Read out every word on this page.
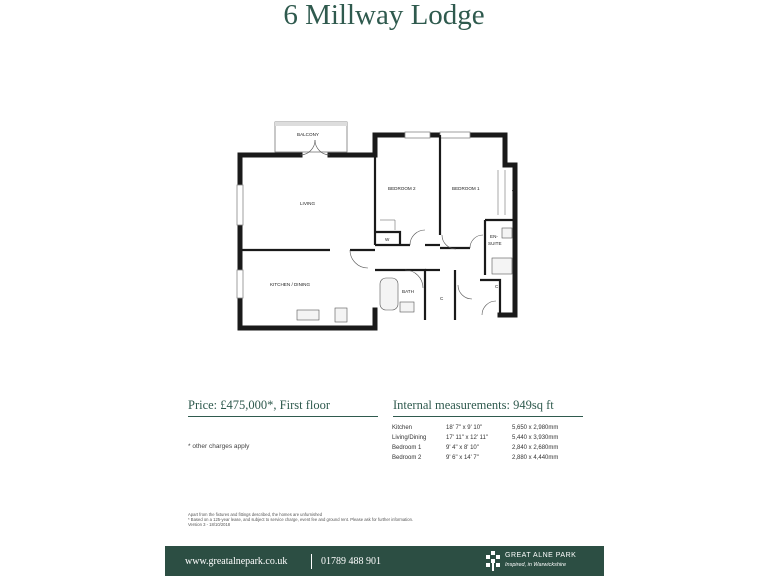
6 Millway Lodge
BALCONY
LIVING
BEDROOM 2	BEDROOM 1
KITCHEN / DINING
BATH
EN-
SUITE
W
W
C
C
Price: £475,000*, First floor	Internal measurements: 949sq ft
* other charges apply
Kitchen	18' 7" x 9' 10"	5,650 x 2,980mm
Living/Dining	17' 11" x 12' 11"	5,440 x 3,930mm
Bedroom 1	9' 4" x 8' 10"	2,840 x 2,680mm
Bedroom 2	9' 6" x 14' 7"	2,880 x 4,440mm
Apart from the fixtures and fittings described, the homes are unfurnished
* Based on a 125-year lease, and subject to service charge, event fee and ground rent. Please ask for further information.
Version 3 - 18/10/2018
www.greatalnepark.co.uk	01789 488 901
GREAT ALNE PARK
Inspired, in Warwickshire
